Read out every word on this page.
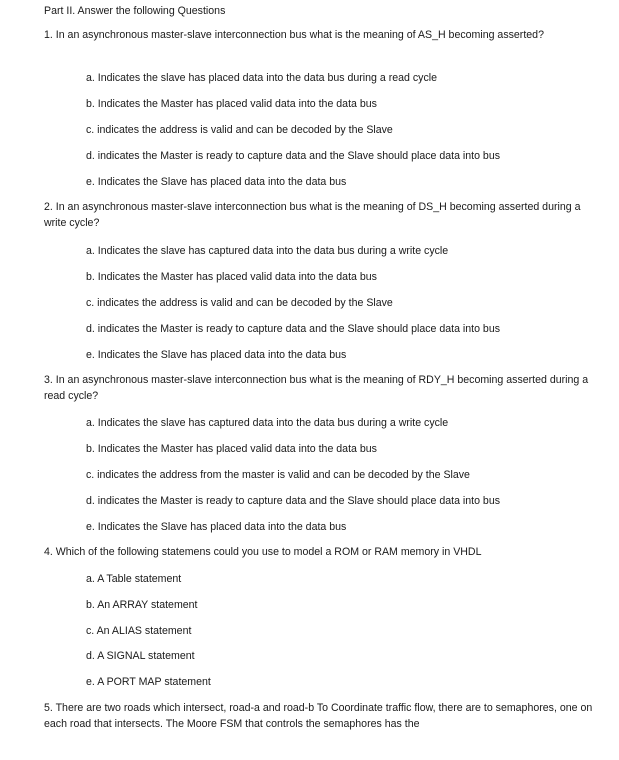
Part II. Answer the following Questions
1. In an asynchronous master-slave interconnection bus what is the meaning of AS_H becoming asserted?
a. Indicates the slave has placed data into the data bus during a read cycle
b. Indicates the Master has placed valid data into the data bus
c. indicates the address is valid and can be decoded by the Slave
d. indicates the Master is ready to capture data and the Slave should place data into bus
e. Indicates the Slave has placed data into the data bus
2. In an asynchronous master-slave interconnection bus what is the meaning of DS_H becoming asserted during a write cycle?
a. Indicates the slave has captured data into the data bus during a write cycle
b. Indicates the Master has placed valid data into the data bus
c. indicates the address is valid and can be decoded by the Slave
d. indicates the Master is ready to capture data and the Slave should place data into bus
e. Indicates the Slave has placed data into the data bus
3. In an asynchronous master-slave interconnection bus what is the meaning of RDY_H becoming asserted during a read cycle?
a. Indicates the slave has captured data into the data bus during a write cycle
b. Indicates the Master has placed valid data into the data bus
c. indicates the address from the master is valid and can be decoded by the Slave
d. indicates the Master is ready to capture data and the Slave should place data into bus
e. Indicates the Slave has placed data into the data bus
4. Which of the following statemens could you use to model a ROM or RAM memory in VHDL
a. A Table statement
b. An ARRAY statement
c. An ALIAS statement
d. A SIGNAL statement
e. A PORT MAP statement
5. There are two roads which intersect, road-a and road-b To Coordinate traffic flow, there are to semaphores, one on each road that intersects. The Moore FSM that controls the semaphores has the
